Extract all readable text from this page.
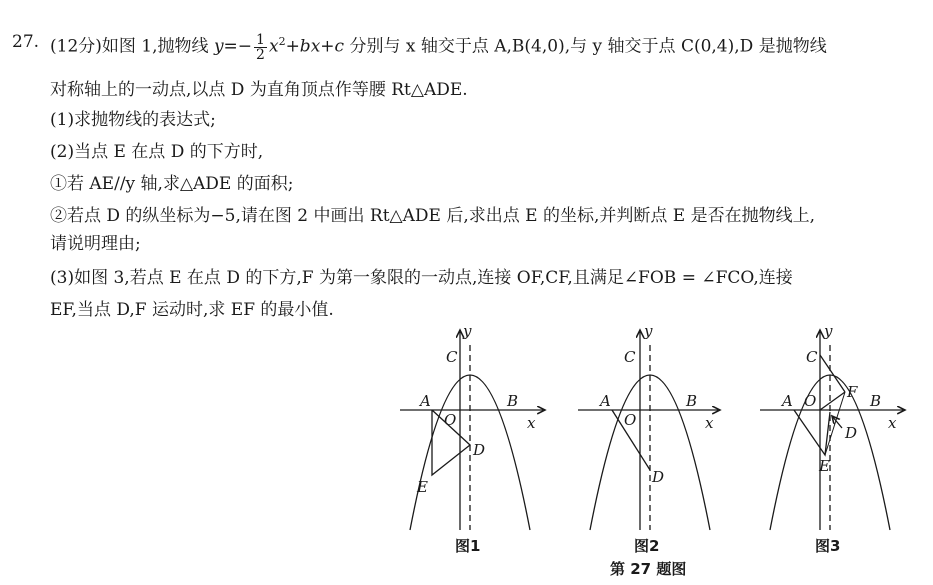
27. (12分)如图 1,抛物线 $y=- \frac{1}{2} x^2+bx+c$ 分别与 x 轴交于点 A,B(4,0),与 y 轴交于点 C(0,4),D 是抛物线
对称轴上的一动点,以点 D 为直角顶点作等腰 Rt△ADE.
(1)求抛物线的表达式;
(2)当点 E 在点 D 的下方时,
①若 AE//y 轴,求△ADE 的面积;
②若点 D 的纵坐标为−5,请在图 2 中画出 Rt△ADE 后,求出点 E 的坐标,并判断点 E 是否在抛物线上,
请说明理由;
(3)如图 3,若点 E 在点 D 的下方,F 为第一象限的一动点,连接 OF,CF,且满足∠FOB = ∠FCO,连接
EF,当点 D,F 运动时,求 EF 的最小值.
y
x
C
A
O
B
D
E
y
x
C
A
O
B
D
y
x
C
A O	B
F
D
E
图1	图2	图3
第 27 题图
